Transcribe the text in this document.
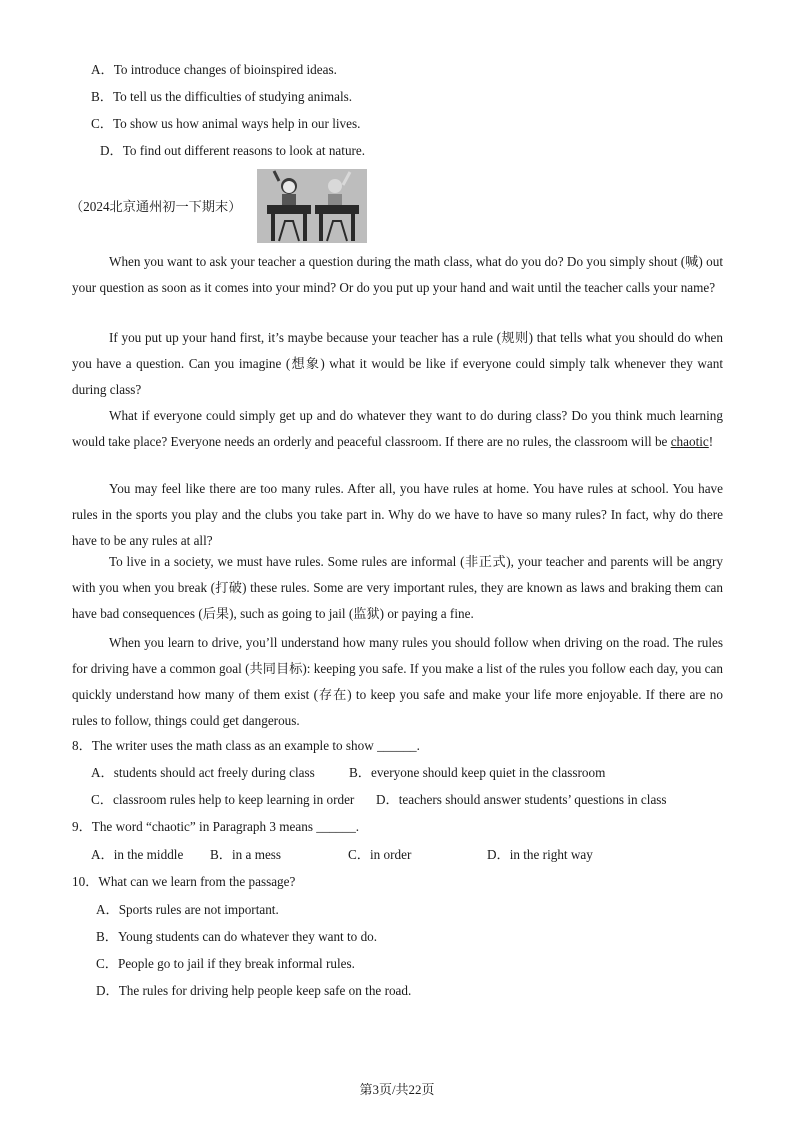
A．To introduce changes of bioinspired ideas.
B．To tell us the difficulties of studying animals.
C．To show us how animal ways help in our lives.
D．To find out different reasons to look at nature.
（2024北京通州初一下期末）
When you want to ask your teacher a question during the math class, what do you do? Do you simply shout (喊) out your question as soon as it comes into your mind? Or do you put up your hand and wait until the teacher calls your name?
If you put up your hand first, it’s maybe because your teacher has a rule (规则) that tells what you should do when you have a question. Can you imagine (想象) what it would be like if everyone could simply talk whenever they want during class?
What if everyone could simply get up and do whatever they want to do during class? Do you think much learning would take place? Everyone needs an orderly and peaceful classroom. If there are no rules, the classroom will be chaotic!
You may feel like there are too many rules. After all, you have rules at home. You have rules at school. You have rules in the sports you play and the clubs you take part in. Why do we have to have so many rules? In fact, why do there have to be any rules at all?
To live in a society, we must have rules. Some rules are informal (非正式), your teacher and parents will be angry with you when you break (打破) these rules. Some are very important rules, they are known as laws and braking them can have bad consequences (后果), such as going to jail (监狱) or paying a fine.
When you learn to drive, you’ll understand how many rules you should follow when driving on the road. The rules for driving have a common goal (共同目标): keeping you safe. If you make a list of the rules you follow each day, you can quickly understand how many of them exist (存在) to keep you safe and make your life more enjoyable. If there are no rules to follow, things could get dangerous.
8．The writer uses the math class as an example to show ______.
A．students should act freely during class	B．everyone should keep quiet in the classroom
C．classroom rules help to keep learning in order D．teachers should answer students’ questions in class
9．The word “chaotic” in Paragraph 3 means ______.
A．in the middle B．in a mess	C．in order	D．in the right way
10．What can we learn from the passage?
A．Sports rules are not important.
B．Young students can do whatever they want to do.
C．People go to jail if they break informal rules.
D．The rules for driving help people keep safe on the road.
第3页/共22页
